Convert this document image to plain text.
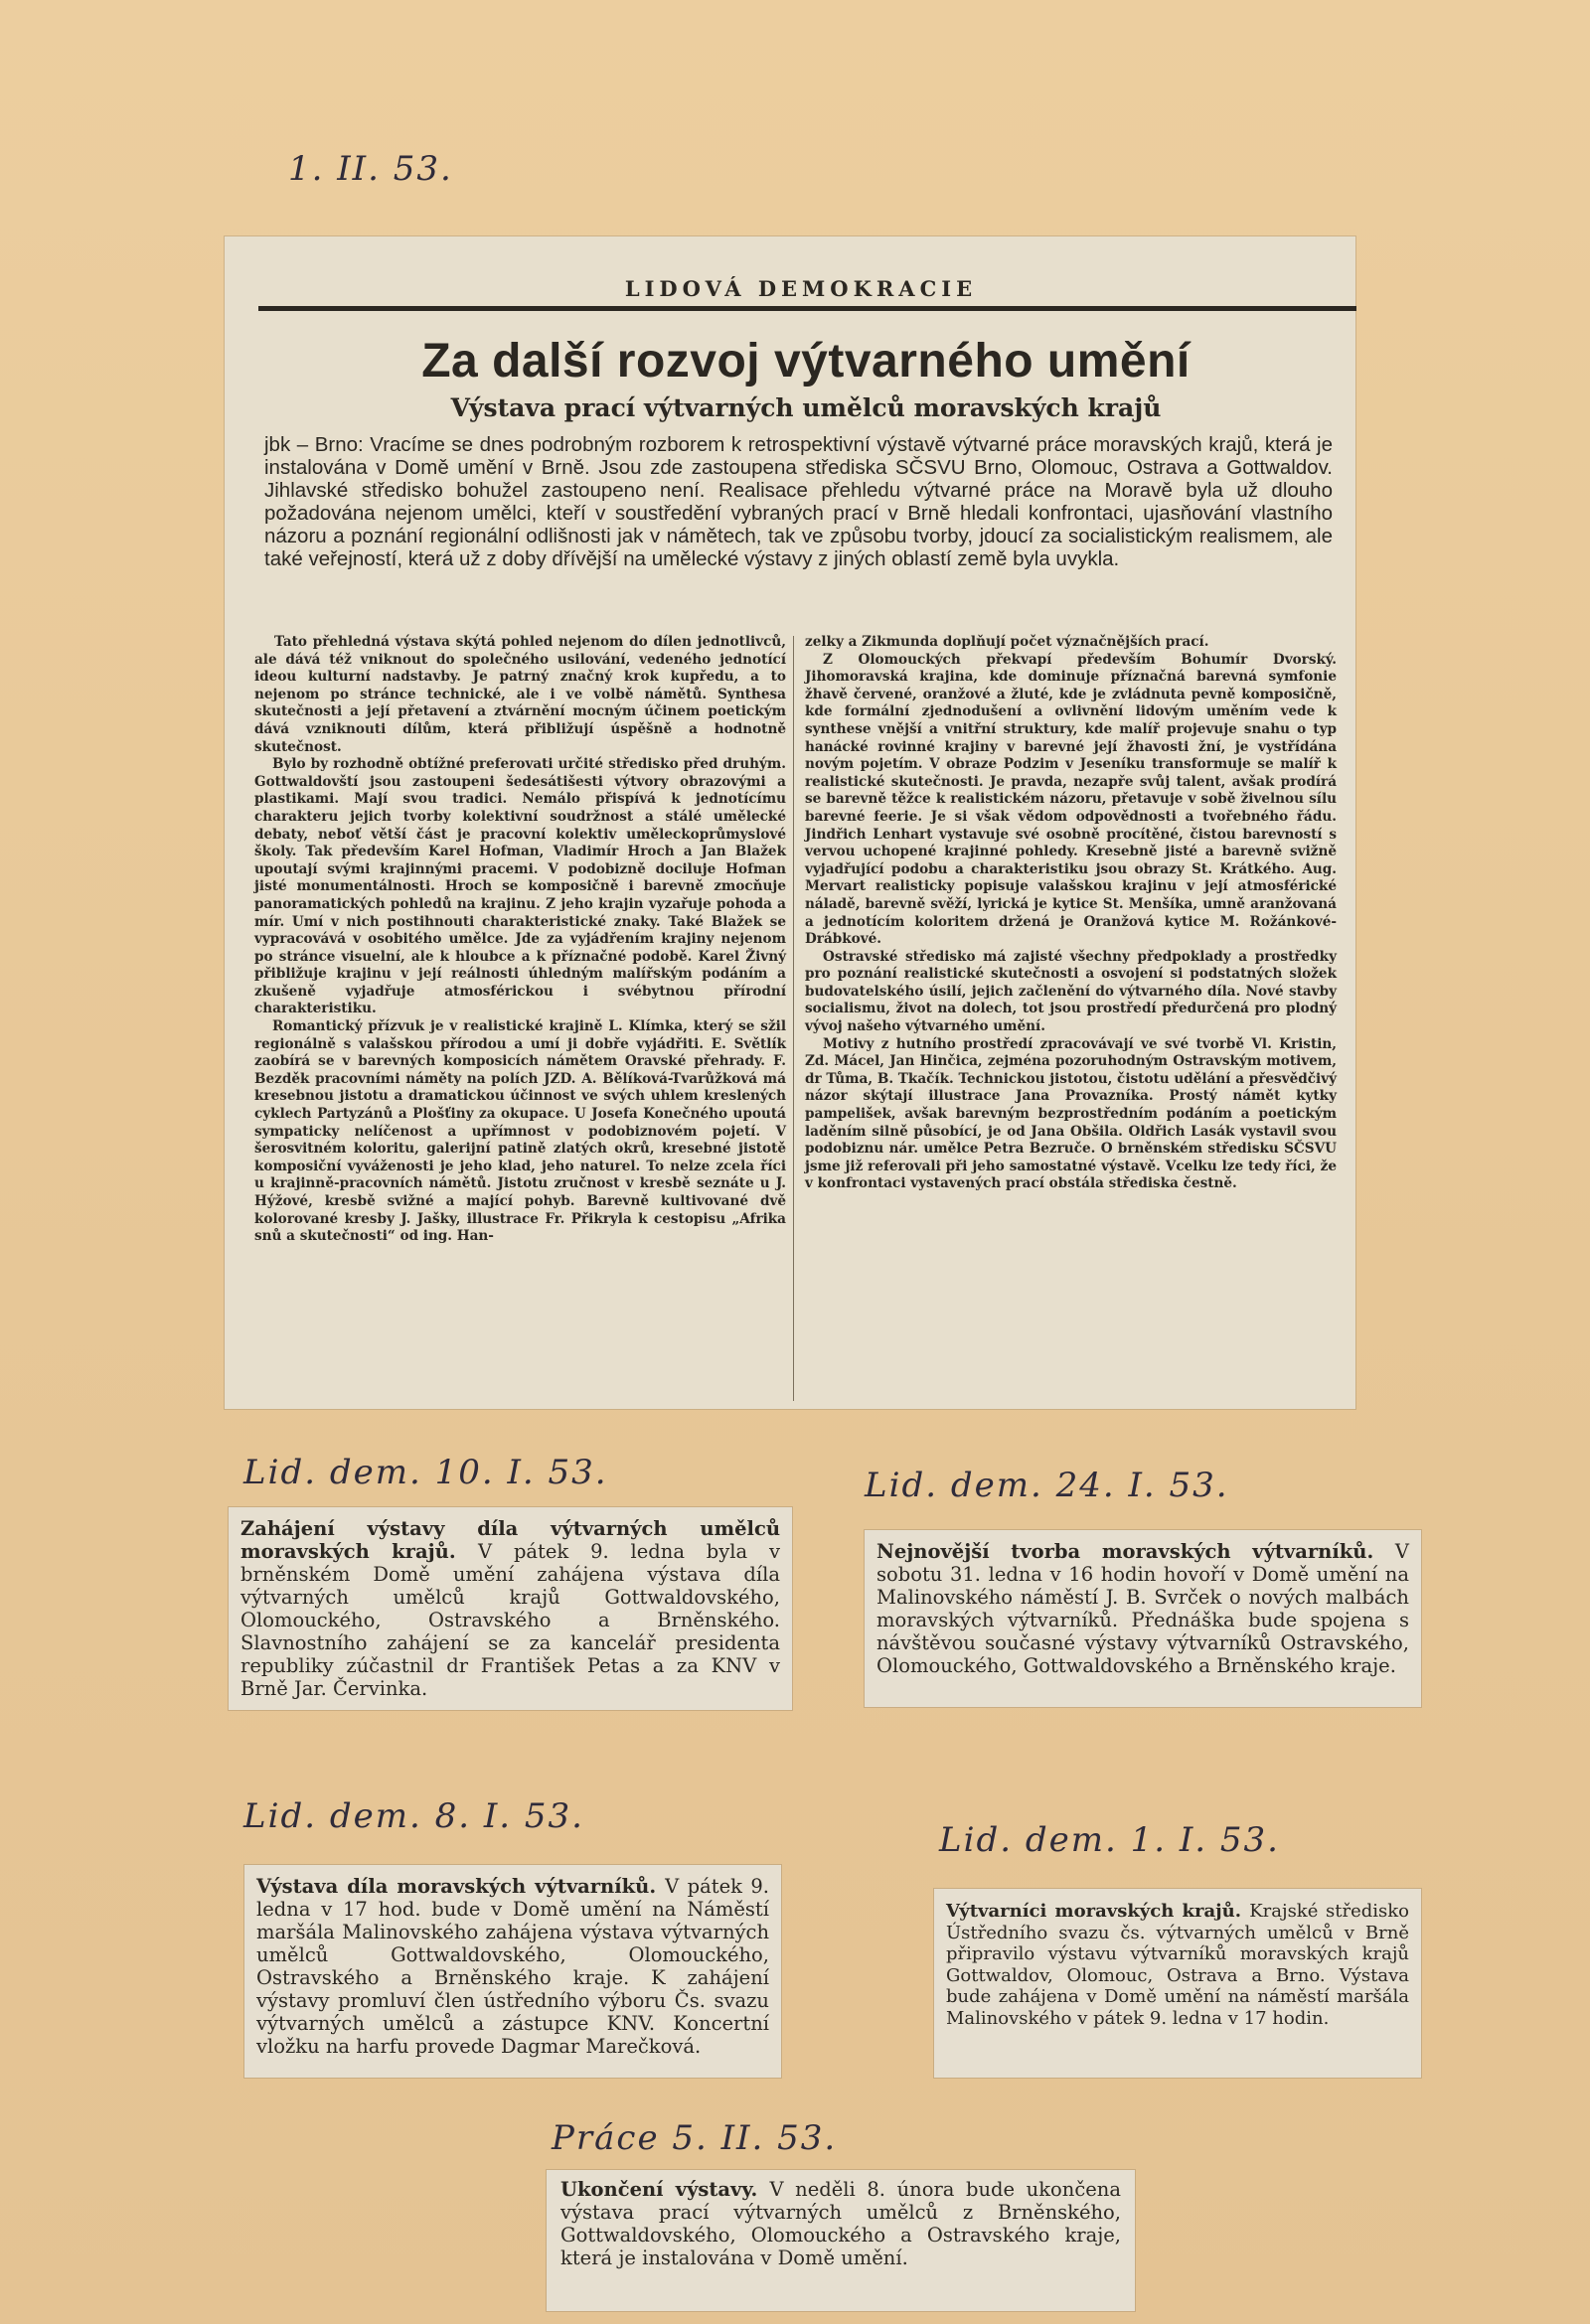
1. II. 53.
LIDOVÁ DEMOKRACIE
Za další rozvoj výtvarného umění
Výstava prací výtvarných umělců moravských krajů
jbk – Brno: Vracíme se dnes podrobným rozborem k retrospektivní výstavě výtvarné práce moravských krajů, která je instalována v Domě umění v Brně. Jsou zde zastoupena střediska SČSVU Brno, Olomouc, Ostrava a Gottwaldov. Jihlavské středisko bohužel zastoupeno není. Realisace přehledu výtvarné práce na Moravě byla už dlouho požadována nejenom umělci, kteří v soustředění vybraných prací v Brně hledali konfrontaci, ujasňování vlastního názoru a poznání regionální odlišnosti jak v námětech, tak ve způsobu tvorby, jdoucí za socialistickým realismem, ale také veřejností, která už z doby dřívější na umělecké výstavy z jiných oblastí země byla uvykla.

Tato přehledná výstava skýtá pohled nejenom do dílen jednotlivců, ale dává též vniknout do společného usilování, vedeného jednotící ideou kulturní nadstavby. Je patrný značný krok kupředu, a to nejenom po stránce technické, ale i ve volbě námětů. Synthesa skutečnosti a její přetavení a ztvárnění mocným účinem poetickým dává vzniknouti dílům, která přibližují úspěšně a hodnotně skutečnost.

Bylo by rozhodně obtížné preferovati určité středisko před druhým. Gottwaldovští jsou zastoupeni šedesátišesti výtvory obrazovými a plastikami. Mají svou tradici. Nemálo přispívá k jednotícímu charakteru jejich tvorby kolektivní soudržnost a stálé umělecké debaty, neboť větší část je pracovní kolektiv uměleckoprůmyslové školy. Tak především Karel Hofman, Vladimír Hroch a Jan Blažek upoutají svými krajinnými pracemi. V podobizně dociluje Hofman jisté monumentálnosti. Hroch se komposičně i barevně zmocňuje panoramatických pohledů na krajinu. Z jeho krajin vyzařuje pohoda a mír. Umí v nich postihnouti charakteristické znaky. Také Blažek se vypracovává v osobitého umělce. Jde za vyjádřením krajiny nejenom po stránce visuelní, ale k hloubce a k příznačné podobě. Karel Živný přibližuje krajinu v její reálnosti úhledným malířským podáním a zkušeně vyjadřuje atmosférickou i svébytnou přírodní charakteristiku.

Romantický přízvuk je v realistické krajině L. Klímka, který se sžil regionálně s valašskou přírodou a umí ji dobře vyjádřiti. E. Světlík zaobírá se v barevných komposicích námětem Oravské přehrady. F. Bezděk pracovními náměty na polích JZD. A. Bělíková-Tvarůžková má kresebnou jistotu a dramatickou účinnost ve svých uhlem kreslených cyklech Partyzánů a Plošťiny za okupace. U Josefa Konečného upoutá sympaticky nelíčenost a upřímnost v podobiznovém pojetí. V šerosvitném koloritu, galerijní patině zlatých okrů, kresebné jistotě komposiční vyváženosti je jeho klad, jeho naturel. To nelze zcela říci u krajinně-pracovních námětů. Jistotu zručnost v kresbě seznáte u J. Hýžové, kresbě svižné a mající pohyb. Barevně kultivované dvě kolorované kresby J. Jašky, illustrace Fr. Přikryla k cestopisu „Afrika snů a skutečnosti“ od ing. Han-

zelky a Zikmunda doplňují počet význačnějších prací.

Z Olomouckých překvapí především Bohumír Dvorský. Jihomoravská krajina, kde dominuje příznačná barevná symfonie žhavě červené, oranžové a žluté, kde je zvládnuta pevně komposičně, kde formální zjednodušení a ovlivnění lidovým uměním vede k synthese vnější a vnitřní struktury, kde malíř projevuje snahu o typ hanácké rovinné krajiny v barevné její žhavosti žní, je vystřídána novým pojetím. V obraze Podzim v Jeseníku transformuje se malíř k realistické skutečnosti. Je pravda, nezapře svůj talent, avšak prodírá se barevně těžce k realistickém názoru, přetavuje v sobě živelnou sílu barevné feerie. Je si však vědom odpovědnosti a tvořebného řádu. Jindřich Lenhart vystavuje své osobně procítěné, čistou barevností s vervou uchopené krajinné pohledy. Kresebně jisté a barevně svižně vyjadřující podobu a charakteristiku jsou obrazy St. Krátkého. Aug. Mervart realisticky popisuje valašskou krajinu v její atmosférické náladě, barevně svěží, lyrická je kytice St. Menšíka, umně aranžovaná a jednotícím koloritem držená je Oranžová kytice M. Rožánkové-Drábkové.

Ostravské středisko má zajisté všechny předpoklady a prostředky pro poznání realistické skutečnosti a osvojení si podstatných složek budovatelského úsilí, jejich začlenění do výtvarného díla. Nové stavby socialismu, život na dolech, tot jsou prostředí předurčená pro plodný vývoj našeho výtvarného umění.

Motivy z hutního prostředí zpracovávají ve své tvorbě Vl. Kristin, Zd. Mácel, Jan Hinčica, zejména pozoruhodným Ostravským motivem, dr Tůma, B. Tkačík. Technickou jistotou, čistotu udělání a přesvědčivý názor skýtají illustrace Jana Provazníka. Prostý námět kytky pampelišek, avšak barevným bezprostředním podáním a poetickým laděním silně působící, je od Jana Obšila. Oldřich Lasák vystavil svou podobiznu nár. umělce Petra Bezruče. O brněnském středisku SČSVU jsme již referovali při jeho samostatné výstavě. Vcelku lze tedy říci, že v konfrontaci vystavených prací obstála střediska čestně.

Lid. dem. 10. I. 53.
Zahájení výstavy díla výtvarných umělců moravských krajů. V pátek 9. ledna byla v brněnském Domě umění zahájena výstava díla výtvarných umělců krajů Gottwaldovského, Olomouckého, Ostravského a Brněnského. Slavnostního zahájení se za kancelář presidenta republiky zúčastnil dr František Petas a za KNV v Brně Jar. Červinka.
Lid. dem. 24. I. 53.
Nejnovější tvorba moravských výtvarníků. V sobotu 31. ledna v 16 hodin hovoří v Domě umění na Malinovského náměstí J. B. Svrček o nových malbách moravských výtvarníků. Přednáška bude spojena s návštěvou současné výstavy výtvarníků Ostravského, Olomouckého, Gottwaldovského a Brněnského kraje.
Lid. dem. 8. I. 53.
Výstava díla moravských výtvarníků. V pátek 9. ledna v 17 hod. bude v Domě umění na Náměstí maršála Malinovského zahájena výstava výtvarných umělců Gottwaldovského, Olomouckého, Ostravského a Brněnského kraje. K zahájení výstavy promluví člen ústředního výboru Čs. svazu výtvarných umělců a zástupce KNV. Koncertní vložku na harfu provede Dagmar Marečková.
Lid. dem. 1. I. 53.
Výtvarníci moravských krajů. Krajské středisko Ústředního svazu čs. výtvarných umělců v Brně připravilo výstavu výtvarníků moravských krajů Gottwaldov, Olomouc, Ostrava a Brno. Výstava bude zahájena v Domě umění na náměstí maršála Malinovského v pátek 9. ledna v 17 hodin.
Práce 5. II. 53.
Ukončení výstavy. V neděli 8. února bude ukončena výstava prací výtvarných umělců z Brněnského, Gottwaldovského, Olomouckého a Ostravského kraje, která je instalována v Domě umění.
